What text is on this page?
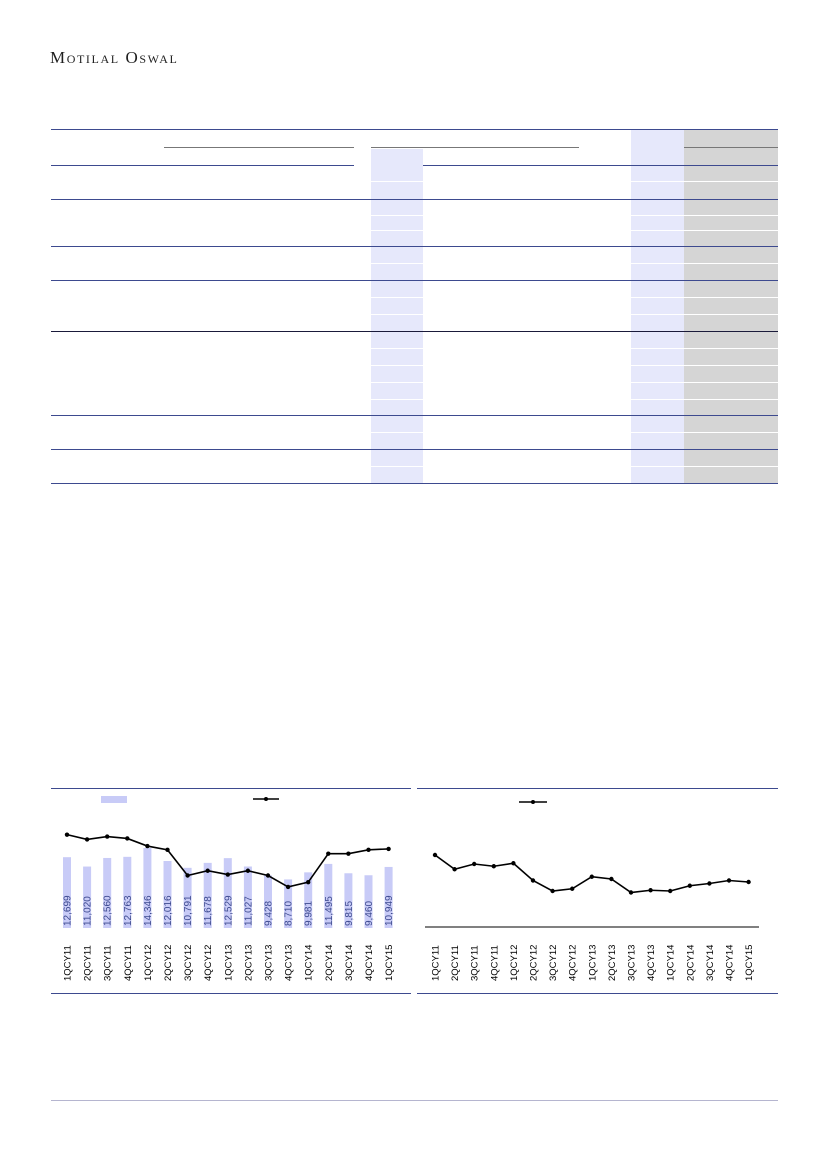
Motilal Oswal
12,699
1QCY11
11,020
2QCY11
12,560
3QCY11
12,763
4QCY11
14,346
1QCY12
12,016
2QCY12
10,791
3QCY12
11,678
4QCY12
12,529
1QCY13
11,027
2QCY13
9,428
3QCY13
8,710
4QCY13
9,981
1QCY14
11,495
2QCY14
9,815
3QCY14
9,460
4QCY14
10,949
1QCY15	1QCY11 2QCY11 3QCY11 4QCY11 1QCY12 2QCY12 3QCY12 4QCY12 1QCY13 2QCY13 3QCY13 4QCY13 1QCY14 2QCY14 3QCY14 4QCY14 1QCY15
